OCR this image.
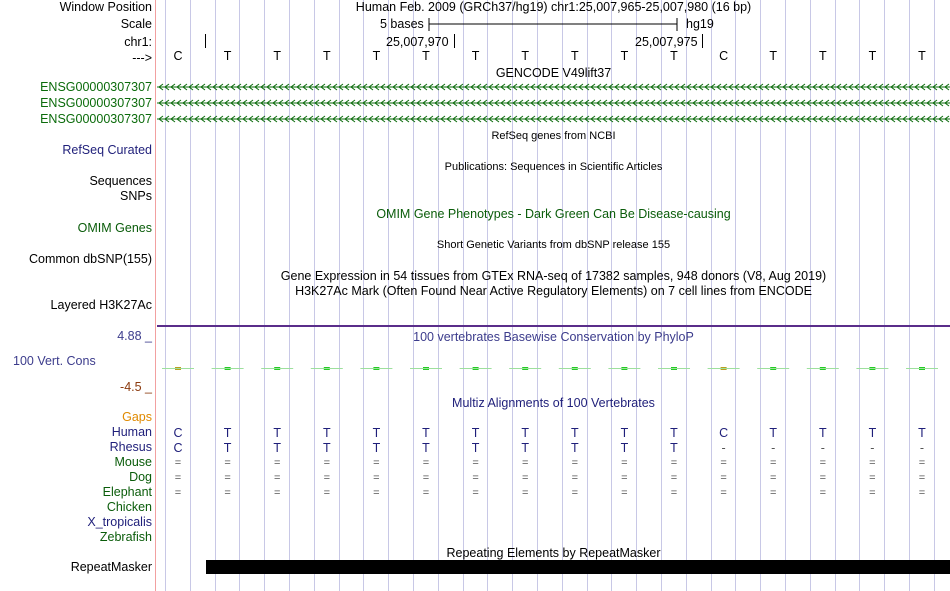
Window Position	Human Feb. 2009 (GRCh37/hg19) chr1:25,007,965-25,007,980 (16 bp)
Scale	5 bases	hg19
chr1:	25,007,970	25,007,975
--->	C	T	T	T	T	T	T	T	T	T	T	C	T	T	T	T
GENCODE V49lift37
ENSG00000307307
ENSG00000307307
ENSG00000307307
RefSeq genes from NCBI
RefSeq Curated
Publications: Sequences in Scientific Articles
Sequences
SNPs
OMIM Gene Phenotypes - Dark Green Can Be Disease-causing
OMIM Genes
Short Genetic Variants from dbSNP release 155
Common dbSNP(155)
Gene Expression in 54 tissues from GTEx RNA-seq of 17382 samples, 948 donors (V8, Aug 2019)
H3K27Ac Mark (Often Found Near Active Regulatory Elements) on 7 cell lines from ENCODE
Layered H3K27Ac
4.88 _	100 vertebrates Basewise Conservation by PhyloP
100 Vert. Cons
-4.5 _
Multiz Alignments of 100 Vertebrates
Gaps
Human	C	T	T	T	T	T	T	T	T	T	T	C	T	T	T	T
Rhesus	C	T	T	T	T	T	T	T	T	T	T	-	-	-	-	-
Mouse	=	=	=	=	=	=	=	=	=	=	=	=	=	=	=	=
Dog	=	=	=	=	=	=	=	=	=	=	=	=	=	=	=	=
Elephant	=	=	=	=	=	=	=	=	=	=	=	=	=	=	=	=
Chicken
X_tropicalis
Zebrafish
Repeating Elements by RepeatMasker
RepeatMasker
